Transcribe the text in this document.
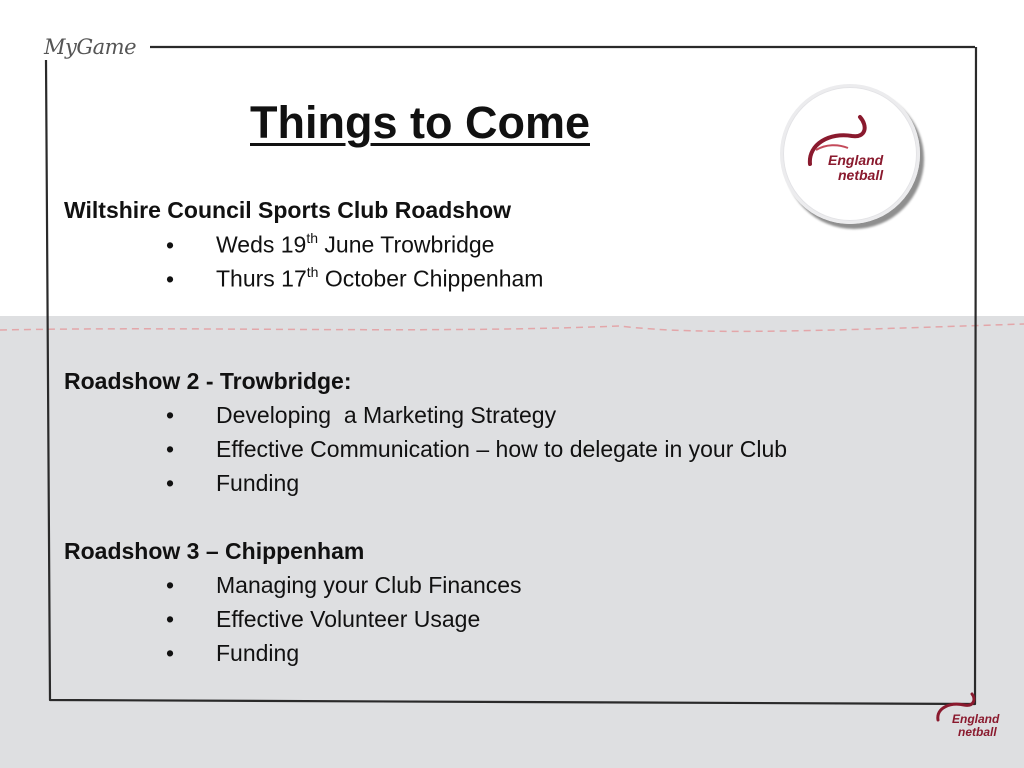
MyGame
Things to Come
England
netball
Wiltshire Council Sports Club Roadshow
• Weds 19th June Trowbridge
• Thurs 17th October Chippenham
Roadshow 2 - Trowbridge:
• Developing  a Marketing Strategy
• Effective Communication – how to delegate in your Club
• Funding
Roadshow 3 – Chippenham
• Managing your Club Finances
• Effective Volunteer Usage
• Funding
England
netball
